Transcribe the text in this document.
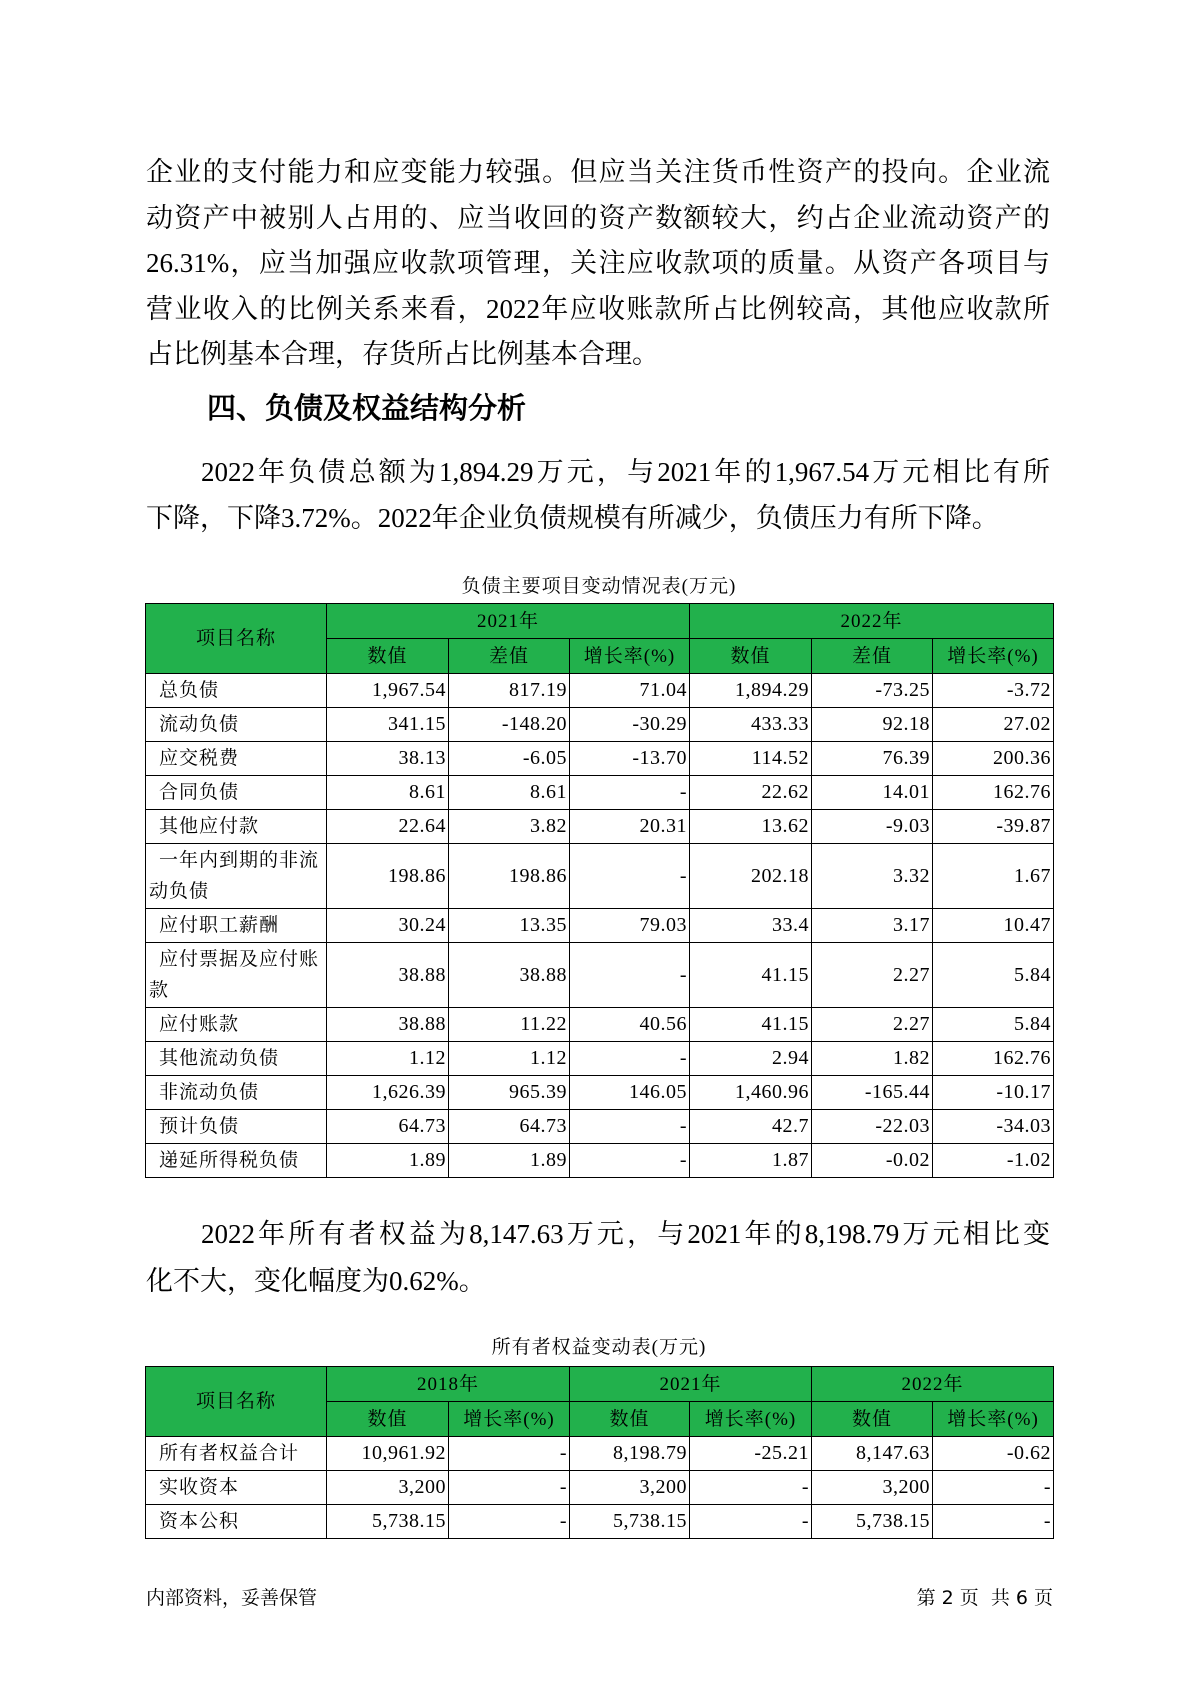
企业的支付能力和应变能力较强。但应当关注货币性资产的投向。企业流
动资产中被别人占用的、应当收回的资产数额较大，约占企业流动资产的
26.31%，应当加强应收款项管理，关注应收款项的质量。从资产各项目与
营业收入的比例关系来看，2022年应收账款所占比例较高，其他应收款所
占比例基本合理，存货所占比例基本合理。
四、负债及权益结构分析
2022年负债总额为1,894.29万元，与2021年的1,967.54万元相比有所
下降，下降3.72%。2022年企业负债规模有所减少，负债压力有所下降。
负债主要项目变动情况表(万元)
项目名称	2021年			2022年		
	数值	差值	增长率(%)	数值	差值	增长率(%)
总负债	1,967.54	817.19	71.04	1,894.29	-73.25	-3.72
流动负债	341.15	-148.20	-30.29	433.33	92.18	27.02
应交税费	38.13	-6.05	-13.70	114.52	76.39	200.36
合同负债	8.61	8.61	-	22.62	14.01	162.76
其他应付款	22.64	3.82	20.31	13.62	-9.03	-39.87
一年内到期的非流动负债	198.86	198.86	-	202.18	3.32	1.67
应付职工薪酬	30.24	13.35	79.03	33.4	3.17	10.47
应付票据及应付账款	38.88	38.88	-	41.15	2.27	5.84
应付账款	38.88	11.22	40.56	41.15	2.27	5.84
其他流动负债	1.12	1.12	-	2.94	1.82	162.76
非流动负债	1,626.39	965.39	146.05	1,460.96	-165.44	-10.17
预计负债	64.73	64.73	-	42.7	-22.03	-34.03
递延所得税负债	1.89	1.89	-	1.87	-0.02	-1.02
2022年所有者权益为8,147.63万元，与2021年的8,198.79万元相比变
化不大，变化幅度为0.62%。
所有者权益变动表(万元)
项目名称	2018年		2021年		2022年	
	数值	增长率(%)	数值	增长率(%)	数值	增长率(%)
所有者权益合计	10,961.92	-	8,198.79	-25.21	8,147.63	-0.62
实收资本	3,200	-	3,200	-	3,200	-
资本公积	5,738.15	-	5,738.15	-	5,738.15	-
内部资料，妥善保管	第 2 页  共 6 页
